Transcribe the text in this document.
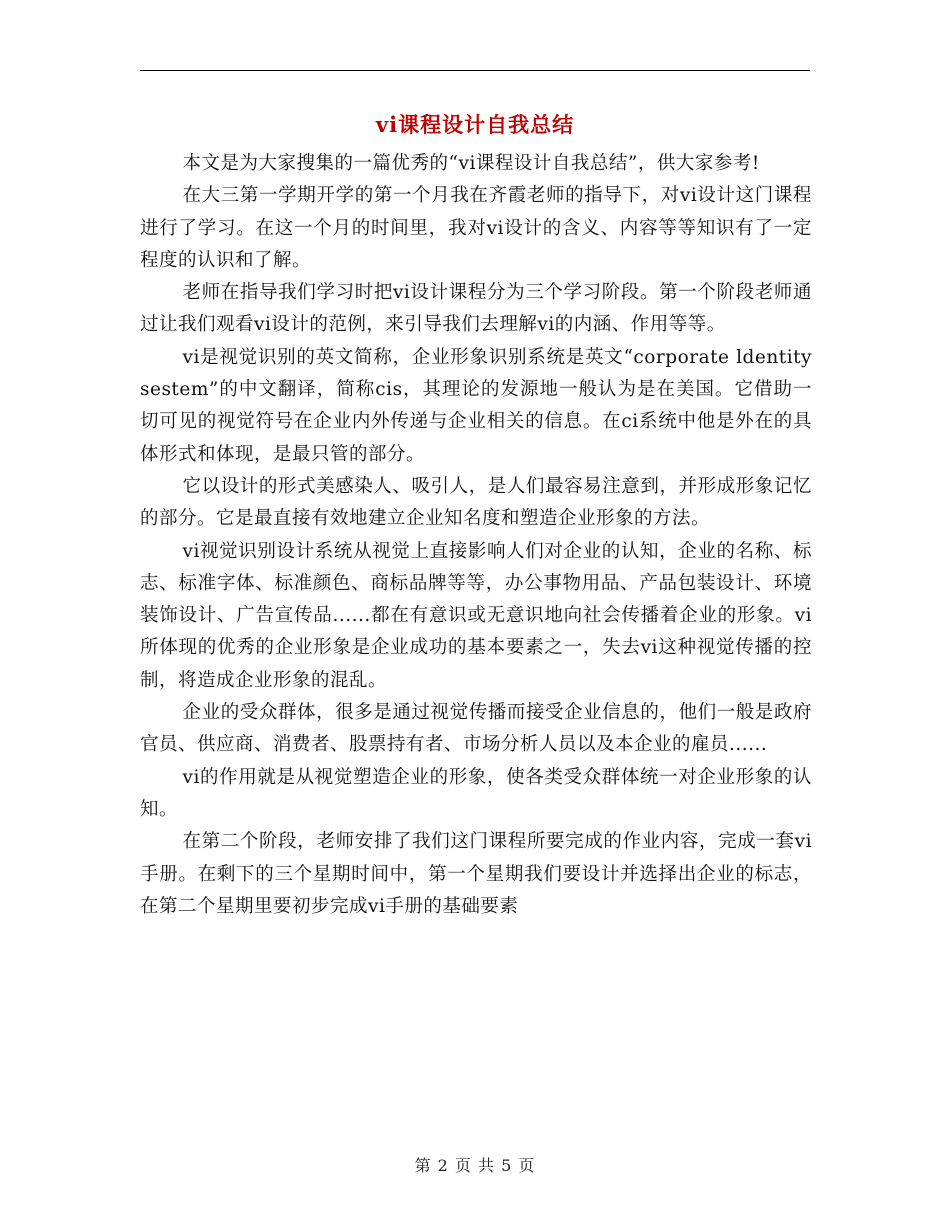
vi课程设计自我总结

本文是为大家搜集的一篇优秀的“vi课程设计自我总结”，供大家参考!

在大三第一学期开学的第一个月我在齐霞老师的指导下，对vi设计这门课程进行了学习。在这一个月的时间里，我对vi设计的含义、内容等等知识有了一定程度的认识和了解。

老师在指导我们学习时把vi设计课程分为三个学习阶段。第一个阶段老师通过让我们观看vi设计的范例，来引导我们去理解vi的内涵、作用等等。

vi是视觉识别的英文简称，企业形象识别系统是英文“corporate ldentity sestem”的中文翻译，简称cis，其理论的发源地一般认为是在美国。它借助一切可见的视觉符号在企业内外传递与企业相关的信息。在ci系统中他是外在的具体形式和体现，是最只管的部分。

它以设计的形式美感染人、吸引人，是人们最容易注意到，并形成形象记忆的部分。它是最直接有效地建立企业知名度和塑造企业形象的方法。

vi视觉识别设计系统从视觉上直接影响人们对企业的认知，企业的名称、标志、标准字体、标准颜色、商标品牌等等，办公事物用品、产品包装设计、环境装饰设计、广告宣传品......都在有意识或无意识地向社会传播着企业的形象。vi所体现的优秀的企业形象是企业成功的基本要素之一，失去vi这种视觉传播的控制，将造成企业形象的混乱。

企业的受众群体，很多是通过视觉传播而接受企业信息的，他们一般是政府官员、供应商、消费者、股票持有者、市场分析人员以及本企业的雇员......

vi的作用就是从视觉塑造企业的形象，使各类受众群体统一对企业形象的认知。

在第二个阶段，老师安排了我们这门课程所要完成的作业内容，完成一套vi手册。在剩下的三个星期时间中，第一个星期我们要设计并选择出企业的标志，在第二个星期里要初步完成vi手册的基础要素

第 2 页 共 5 页
